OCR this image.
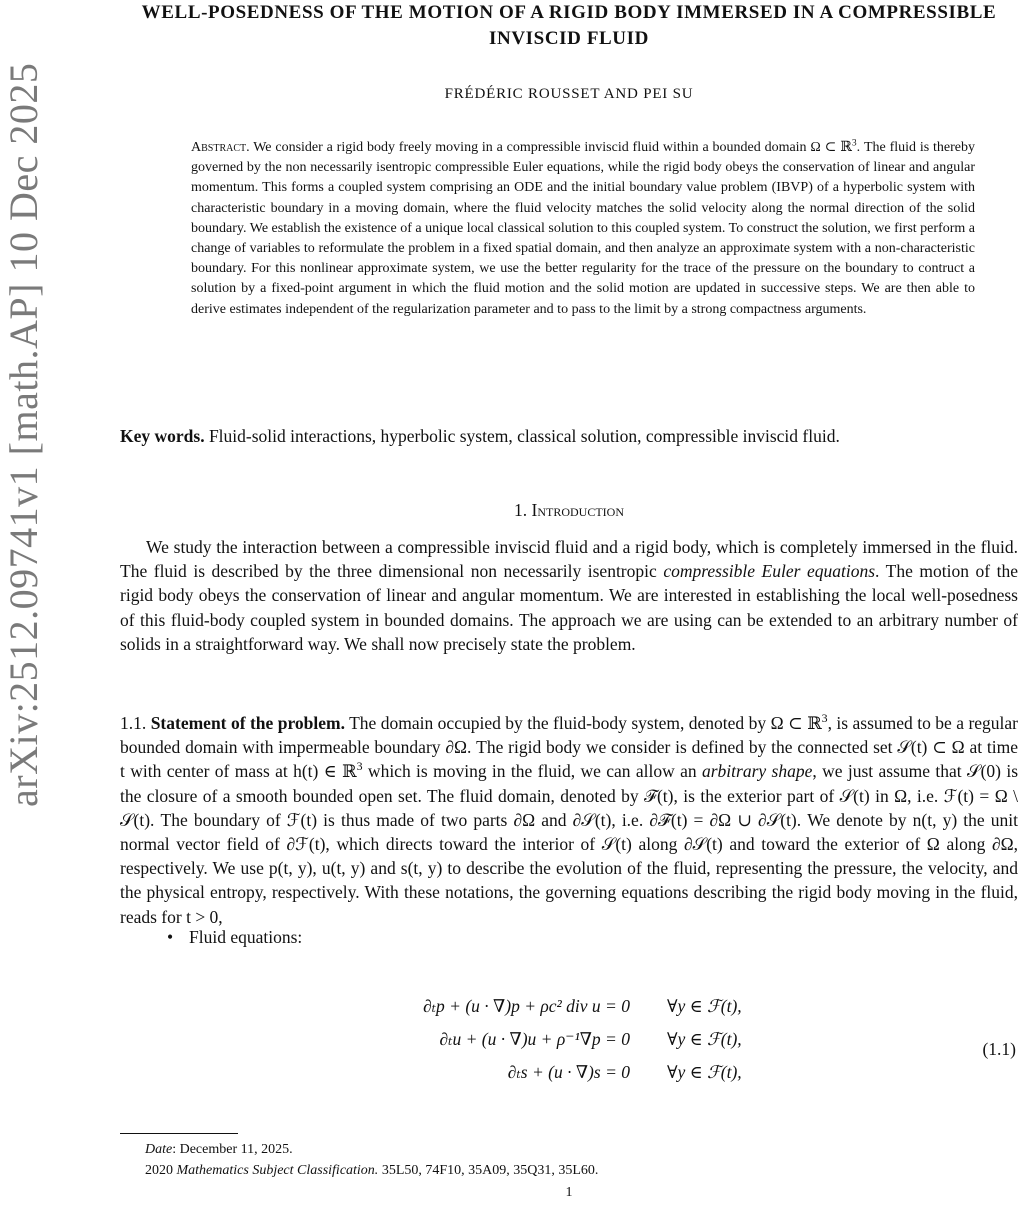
arXiv:2512.09741v1 [math.AP] 10 Dec 2025
WELL-POSEDNESS OF THE MOTION OF A RIGID BODY IMMERSED IN A COMPRESSIBLE INVISCID FLUID

FRÉDÉRIC ROUSSET AND PEI SU

Abstract. We consider a rigid body freely moving in a compressible inviscid fluid within a bounded domain Ω ⊂ ℝ$^3$. The fluid is thereby governed by the non necessarily isentropic compressible Euler equations, while the rigid body obeys the conservation of linear and angular momentum. This forms a coupled system comprising an ODE and the initial boundary value problem (IBVP) of a hyperbolic system with characteristic boundary in a moving domain, where the fluid velocity matches the solid velocity along the normal direction of the solid boundary. We establish the existence of a unique local classical solution to this coupled system. To construct the solution, we first perform a change of variables to reformulate the problem in a fixed spatial domain, and then analyze an approximate system with a non-characteristic boundary. For this nonlinear approximate system, we use the better regularity for the trace of the pressure on the boundary to contruct a solution by a fixed-point argument in which the fluid motion and the solid motion are updated in successive steps. We are then able to derive estimates independent of the regularization parameter and to pass to the limit by a strong compactness arguments.

Key words. Fluid-solid interactions, hyperbolic system, classical solution, compressible inviscid fluid.

1. Introduction

We study the interaction between a compressible inviscid fluid and a rigid body, which is completely immersed in the fluid. The fluid is described by the three dimensional non necessarily isentropic compressible Euler equations. The motion of the rigid body obeys the conservation of linear and angular momentum. We are interested in establishing the local well-posedness of this fluid-body coupled system in bounded domains. The approach we are using can be extended to an arbitrary number of solids in a straightforward way. We shall now precisely state the problem.

1.1. Statement of the problem. The domain occupied by the fluid-body system, denoted by Ω ⊂ ℝ$^3$, is assumed to be a regular bounded domain with impermeable boundary ∂Ω. The rigid body we consider is defined by the connected set 𝒮(t) ⊂ Ω at time t with center of mass at h(t) ∈ ℝ$^3$ which is moving in the fluid, we can allow an arbitrary shape, we just assume that 𝒮(0) is the closure of a smooth bounded open set. The fluid domain, denoted by ℱ(t), is the exterior part of 𝒮(t) in Ω, i.e. ℱ(t) = Ω \ 𝒮(t). The boundary of ℱ(t) is thus made of two parts ∂Ω and ∂𝒮(t), i.e. ∂ℱ(t) = ∂Ω ∪ ∂𝒮(t). We denote by n(t, y) the unit normal vector field of ∂ℱ(t), which directs toward the interior of 𝒮(t) along ∂𝒮(t) and toward the exterior of Ω along ∂Ω, respectively. We use p(t, y), u(t, y) and s(t, y) to describe the evolution of the fluid, representing the pressure, the velocity, and the physical entropy, respectively. With these notations, the governing equations describing the rigid body moving in the fluid, reads for t > 0,

• Fluid equations:

∂ₜp + (u · ∇)p + ρc² div u = 0 ∀y ∈ ℱ(t),
∂ₜu + (u · ∇)u + ρ⁻¹∇p = 0 ∀y ∈ ℱ(t),
∂ₜs + (u · ∇)s = 0 ∀y ∈ ℱ(t),
(1.1)

Date: December 11, 2025.

2020 Mathematics Subject Classification. 35L50, 74F10, 35A09, 35Q31, 35L60.

1
